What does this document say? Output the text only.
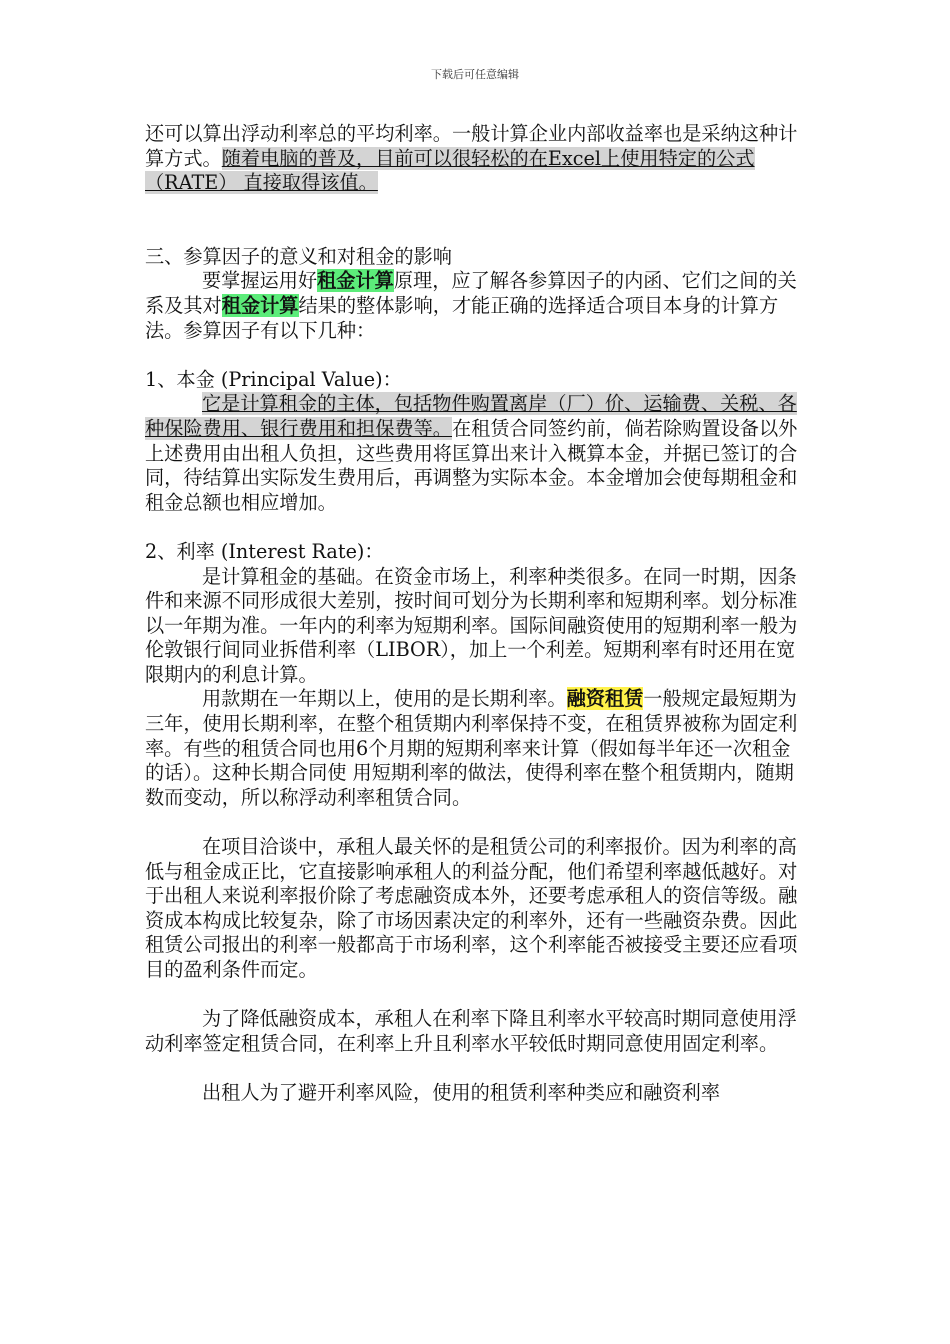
下载后可任意编辑

还可以算出浮动利率总的平均利率。一般计算企业内部收益率也是采纳这种计算方式。随着电脑的普及，目前可以很轻松的在Excel上使用特定的公式（RATE） 直接取得该值。

三、参算因子的意义和对租金的影响

要掌握运用好租金计算原理，应了解各参算因子的内函、它们之间的关系及其对租金计算结果的整体影响，才能正确的选择适合项目本身的计算方法。参算因子有以下几种：

1、本金 (Principal Value)：

它是计算租金的主体，包括物件购置离岸（厂）价、运输费、关税、各种保险费用、银行费用和担保费等。在租赁合同签约前，倘若除购置设备以外上述费用由出租人负担，这些费用将匡算出来计入概算本金，并据已签订的合同，待结算出实际发生费用后，再调整为实际本金。本金增加会使每期租金和租金总额也相应增加。

2、利率 (Interest Rate)：

是计算租金的基础。在资金市场上，利率种类很多。在同一时期，因条件和来源不同形成很大差别，按时间可划分为长期利率和短期利率。划分标准以一年期为准。一年内的利率为短期利率。国际间融资使用的短期利率一般为伦敦银行间同业拆借利率（LIBOR），加上一个利差。短期利率有时还用在宽限期内的利息计算。

用款期在一年期以上，使用的是长期利率。融资租赁一般规定最短期为三年，使用长期利率，在整个租赁期内利率保持不变，在租赁界被称为固定利率。有些的租赁合同也用6个月期的短期利率来计算（假如每半年还一次租金的话）。这种长期合同使 用短期利率的做法，使得利率在整个租赁期内，随期数而变动，所以称浮动利率租赁合同。

在项目洽谈中，承租人最关怀的是租赁公司的利率报价。因为利率的高低与租金成正比，它直接影响承租人的利益分配，他们希望利率越低越好。对于出租人来说利率报价除了考虑融资成本外，还要考虑承租人的资信等级。融资成本构成比较复杂，除了市场因素决定的利率外，还有一些融资杂费。因此租赁公司报出的利率一般都高于市场利率，这个利率能否被接受主要还应看项目的盈利条件而定。

为了降低融资成本，承租人在利率下降且利率水平较高时期同意使用浮动利率签定租赁合同，在利率上升且利率水平较低时期同意使用固定利率。

出租人为了避开利率风险，使用的租赁利率种类应和融资利率
